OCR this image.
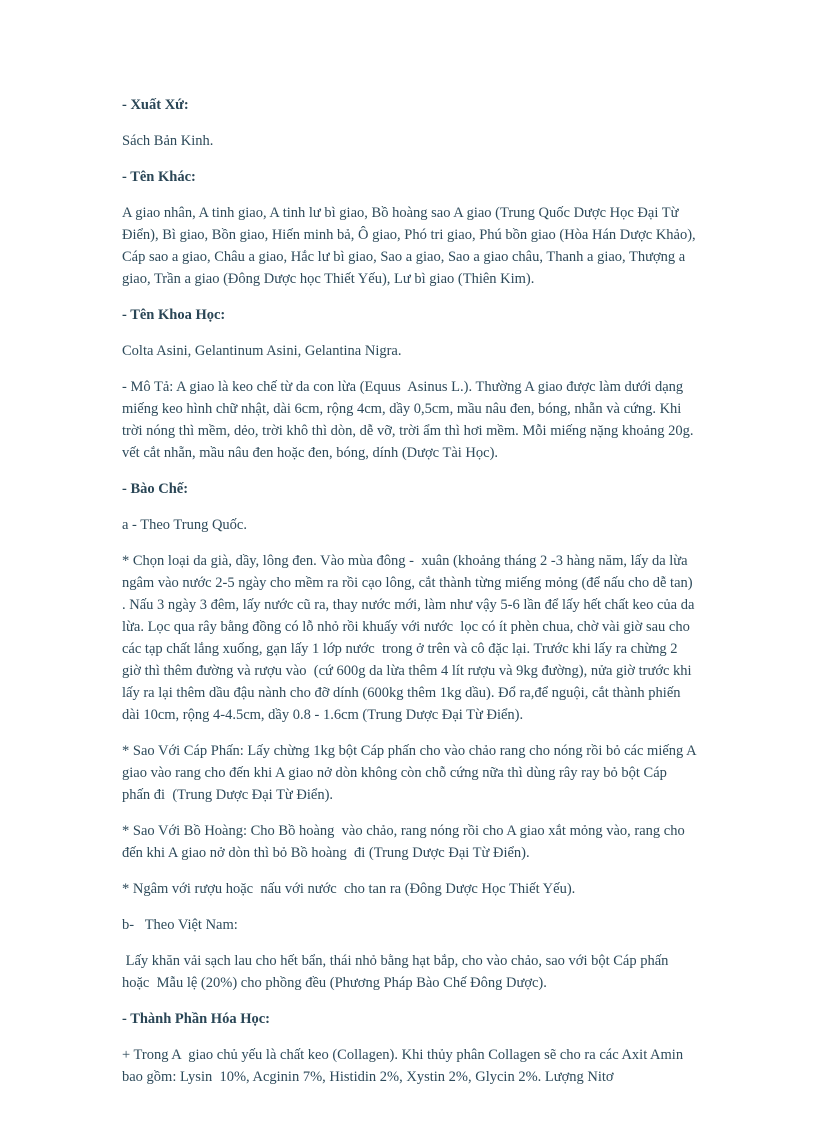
- Xuất Xứ:

Sách Bản Kinh.

- Tên Khác:

A giao nhân, A tinh giao, A tinh lư bì giao, Bồ hoàng sao A giao (Trung Quốc Dược Học Đại Từ Điển), Bì giao, Bồn giao, Hiến minh bả, Ô giao, Phó tri giao, Phú bồn giao (Hòa Hán Dược Khảo), Cáp sao a giao, Châu a giao, Hắc lư bì giao, Sao a giao, Sao a giao châu, Thanh a giao, Thượng a giao, Trần a giao (Đông Dược học Thiết Yếu), Lư bì giao (Thiên Kim).

- Tên Khoa Học:

Colta Asini, Gelantinum Asini, Gelantina Nigra.

- Mô Tả: A giao là keo chế từ da con lừa (Equus  Asinus L.). Thường A giao được làm dưới dạng miếng keo hình chữ nhật, dài 6cm, rộng 4cm, dầy 0,5cm, mầu nâu đen, bóng, nhẵn và cứng. Khi trời nóng thì mềm, dẻo, trời khô thì dòn, dễ vỡ, trời ẩm thì hơi mềm. Mỗi miếng nặng khoảng 20g. vết cắt nhẵn, mầu nâu đen hoặc đen, bóng, dính (Dược Tài Học).

- Bào Chế:

a - Theo Trung Quốc.

* Chọn loại da già, dầy, lông đen. Vào mùa đông -  xuân (khoảng tháng 2 -3 hàng năm, lấy da lừa ngâm vào nước 2-5 ngày cho mềm ra rồi cạo lông, cắt thành từng miếng mỏng (để nấu cho dễ tan) . Nấu 3 ngày 3 đêm, lấy nước cũ ra, thay nước mới, làm như vậy 5-6 lần để lấy hết chất keo của da lừa. Lọc qua rây bằng đồng có lỗ nhỏ rồi khuấy với nước  lọc có ít phèn chua, chờ vài giờ sau cho các tạp chất lắng xuống, gạn lấy 1 lớp nước  trong ở trên và cô đặc lại. Trước khi lấy ra chừng 2 giờ thì thêm đường và rượu vào  (cứ 600g da lừa thêm 4 lít rượu và 9kg đường), nửa giờ trước khi lấy ra lại thêm dầu đậu nành cho đỡ dính (600kg thêm 1kg dầu). Đổ ra,để nguội, cắt thành phiến dài 10cm, rộng 4-4.5cm, dầy 0.8 - 1.6cm (Trung Dược Đại Từ Điển).

* Sao Với Cáp Phấn: Lấy chừng 1kg bột Cáp phấn cho vào chảo rang cho nóng rồi bỏ các miếng A giao vào rang cho đến khi A giao nở dòn không còn chỗ cứng nữa thì dùng rây ray bỏ bột Cáp phấn đi  (Trung Dược Đại Từ Điển).

* Sao Với Bồ Hoàng: Cho Bồ hoàng  vào chảo, rang nóng rồi cho A giao xắt mỏng vào, rang cho đến khi A giao nở dòn thì bỏ Bồ hoàng  đi (Trung Dược Đại Từ Điển).

* Ngâm với rượu hoặc  nấu với nước  cho tan ra (Đông Dược Học Thiết Yếu).

b-   Theo Việt Nam:

Lấy khăn vải sạch lau cho hết bẩn, thái nhỏ bằng hạt bắp, cho vào chảo, sao với bột Cáp phấn hoặc  Mẫu lệ (20%) cho phồng đều (Phương Pháp Bào Chế Đông Dược).

- Thành Phần Hóa Học:

+ Trong A  giao chủ yếu là chất keo (Collagen). Khi thủy phân Collagen sẽ cho ra các Axit Amin bao gồm: Lysin  10%, Acginin 7%, Histidin 2%, Xystin 2%, Glycin 2%. Lượng Nitơ
